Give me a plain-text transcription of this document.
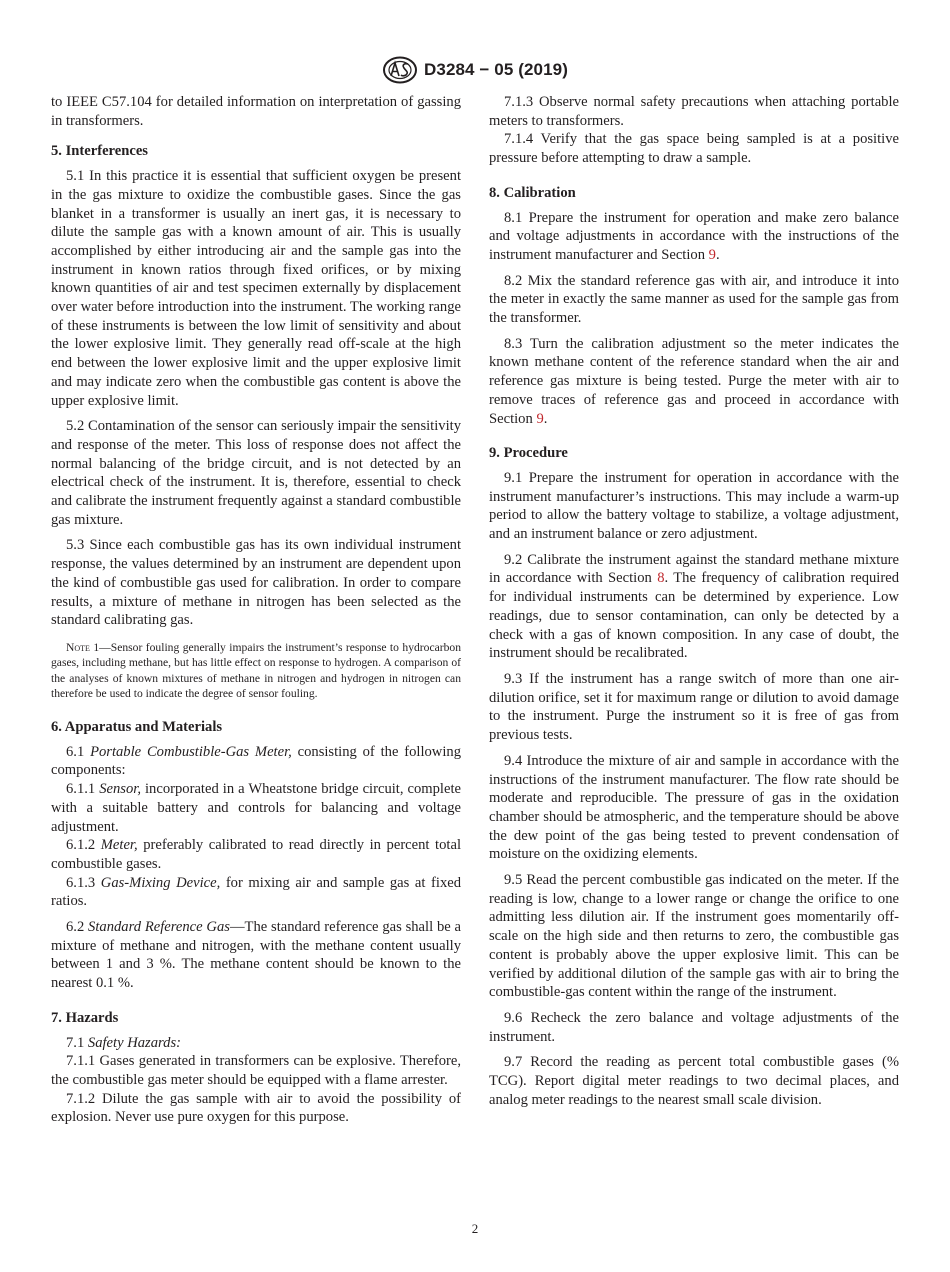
D3284 − 05 (2019)

to IEEE C57.104 for detailed information on interpretation of gassing in transformers.

5. Interferences

5.1 In this practice it is essential that sufficient oxygen be present in the gas mixture to oxidize the combustible gases. Since the gas blanket in a transformer is usually an inert gas, it is necessary to dilute the sample gas with a known amount of air. This is usually accomplished by either introducing air and the sample gas into the instrument in known ratios through fixed orifices, or by mixing known quantities of air and test specimen externally by displacement over water before introduction into the instrument. The working range of these instruments is between the low limit of sensitivity and about the lower explosive limit. They generally read off-scale at the high end between the lower explosive limit and the upper explosive limit and may indicate zero when the combustible gas content is above the upper explosive limit.

5.2 Contamination of the sensor can seriously impair the sensitivity and response of the meter. This loss of response does not affect the normal balancing of the bridge circuit, and is not detected by an electrical check of the instrument. It is, therefore, essential to check and calibrate the instrument frequently against a standard combustible gas mixture.

5.3 Since each combustible gas has its own individual instrument response, the values determined by an instrument are dependent upon the kind of combustible gas used for calibration. In order to compare results, a mixture of methane in nitrogen has been selected as the standard calibrating gas.

Note 1—Sensor fouling generally impairs the instrument’s response to hydrocarbon gases, including methane, but has little effect on response to hydrogen. A comparison of the analyses of known mixtures of methane in nitrogen and hydrogen in nitrogen can therefore be used to indicate the degree of sensor fouling.

6. Apparatus and Materials

6.1 Portable Combustible-Gas Meter, consisting of the following components:

6.1.1 Sensor, incorporated in a Wheatstone bridge circuit, complete with a suitable battery and controls for balancing and voltage adjustment.

6.1.2 Meter, preferably calibrated to read directly in percent total combustible gases.

6.1.3 Gas-Mixing Device, for mixing air and sample gas at fixed ratios.

6.2 Standard Reference Gas—The standard reference gas shall be a mixture of methane and nitrogen, with the methane content usually between 1 and 3 %. The methane content should be known to the nearest 0.1 %.

7. Hazards

7.1 Safety Hazards:

7.1.1 Gases generated in transformers can be explosive. Therefore, the combustible gas meter should be equipped with a flame arrester.

7.1.2 Dilute the gas sample with air to avoid the possibility of explosion. Never use pure oxygen for this purpose.

7.1.3 Observe normal safety precautions when attaching portable meters to transformers.

7.1.4 Verify that the gas space being sampled is at a positive pressure before attempting to draw a sample.

8. Calibration

8.1 Prepare the instrument for operation and make zero balance and voltage adjustments in accordance with the instructions of the instrument manufacturer and Section 9.

8.2 Mix the standard reference gas with air, and introduce it into the meter in exactly the same manner as used for the sample gas from the transformer.

8.3 Turn the calibration adjustment so the meter indicates the known methane content of the reference standard when the air and reference gas mixture is being tested. Purge the meter with air to remove traces of reference gas and proceed in accordance with Section 9.

9. Procedure

9.1 Prepare the instrument for operation in accordance with the instrument manufacturer’s instructions. This may include a warm-up period to allow the battery voltage to stabilize, a voltage adjustment, and an instrument balance or zero adjustment.

9.2 Calibrate the instrument against the standard methane mixture in accordance with Section 8. The frequency of calibration required for individual instruments can be determined by experience. Low readings, due to sensor contamination, can only be detected by a check with a gas of known composition. In any case of doubt, the instrument should be recalibrated.

9.3 If the instrument has a range switch of more than one air-dilution orifice, set it for maximum range or dilution to avoid damage to the instrument. Purge the instrument so it is free of gas from previous tests.

9.4 Introduce the mixture of air and sample in accordance with the instructions of the instrument manufacturer. The flow rate should be moderate and reproducible. The pressure of gas in the oxidation chamber should be atmospheric, and the temperature should be above the dew point of the gas being tested to prevent condensation of moisture on the oxidizing elements.

9.5 Read the percent combustible gas indicated on the meter. If the reading is low, change to a lower range or change the orifice to one admitting less dilution air. If the instrument goes momentarily off-scale on the high side and then returns to zero, the combustible gas content is probably above the upper explosive limit. This can be verified by additional dilution of the sample gas with air to bring the combustible-gas content within the range of the instrument.

9.6 Recheck the zero balance and voltage adjustments of the instrument.

9.7 Record the reading as percent total combustible gases (% TCG). Report digital meter readings to two decimal places, and analog meter readings to the nearest small scale division.

2
